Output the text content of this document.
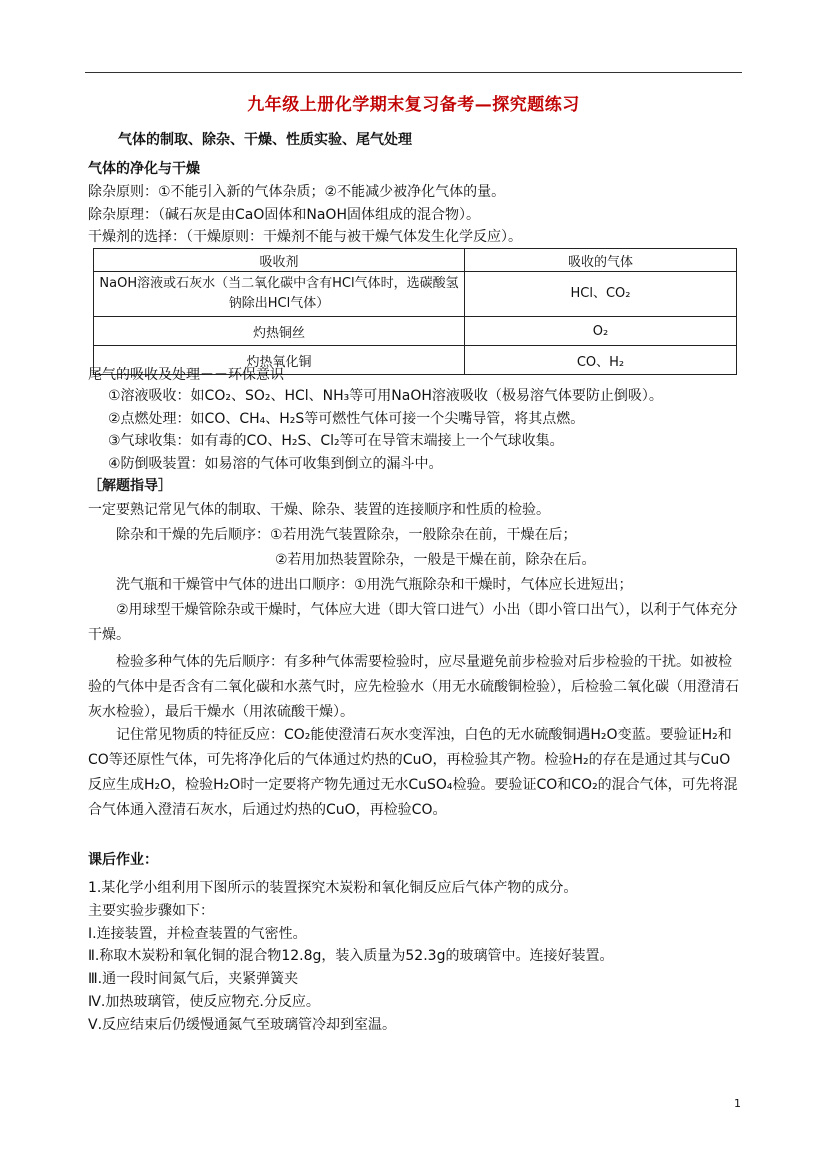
九年级上册化学期末复习备考—探究题练习
气体的制取、除杂、干燥、性质实验、尾气处理
气体的净化与干燥
除杂原则：①不能引入新的气体杂质；②不能减少被净化气体的量。
除杂原理：（碱石灰是由CaO固体和NaOH固体组成的混合物）。
干燥剂的选择：（干燥原则：干燥剂不能与被干燥气体发生化学反应）。
吸收剂	吸收的气体
NaOH溶液或石灰水（当二氧化碳中含有HCl气体时，选碳酸氢钠除出HCl气体）	HCl、CO₂
灼热铜丝	O₂
灼热氧化铜	CO、H₂
尾气的吸收及处理－－环保意识
①溶液吸收：如CO₂、SO₂、HCl、NH₃等可用NaOH溶液吸收（极易溶气体要防止倒吸）。
②点燃处理：如CO、CH₄、H₂S等可燃性气体可接一个尖嘴导管，将其点燃。
③气球收集：如有毒的CO、H₂S、Cl₂等可在导管末端接上一个气球收集。
④防倒吸装置：如易溶的气体可收集到倒立的漏斗中。
［解题指导］
一定要熟记常见气体的制取、干燥、除杂、装置的连接顺序和性质的检验。
除杂和干燥的先后顺序：①若用洗气装置除杂，一般除杂在前，干燥在后；
②若用加热装置除杂，一般是干燥在前，除杂在后。
洗气瓶和干燥管中气体的进出口顺序：①用洗气瓶除杂和干燥时，气体应长进短出；
②用球型干燥管除杂或干燥时，气体应大进（即大管口进气）小出（即小管口出气），以利于气体充分干燥。
检验多种气体的先后顺序：有多种气体需要检验时，应尽量避免前步检验对后步检验的干扰。如被检验的气体中是否含有二氧化碳和水蒸气时，应先检验水（用无水硫酸铜检验），后检验二氧化碳（用澄清石灰水检验），最后干燥水（用浓硫酸干燥）。
记住常见物质的特征反应：CO₂能使澄清石灰水变浑浊，白色的无水硫酸铜遇H₂O变蓝。要验证H₂和CO等还原性气体，可先将净化后的气体通过灼热的CuO，再检验其产物。检验H₂的存在是通过其与CuO反应生成H₂O，检验H₂O时一定要将产物先通过无水CuSO₄检验。要验证CO和CO₂的混合气体，可先将混合气体通入澄清石灰水，后通过灼热的CuO，再检验CO。
课后作业：
1.某化学小组利用下图所示的装置探究木炭粉和氧化铜反应后气体产物的成分。
主要实验步骤如下：
Ⅰ.连接装置，并检查装置的气密性。
Ⅱ.称取木炭粉和氧化铜的混合物12.8g，装入质量为52.3g的玻璃管中。连接好装置。
Ⅲ.通一段时间氮气后，夹紧弹簧夹
Ⅳ.加热玻璃管，使反应物充.分反应。
Ⅴ.反应结束后仍缓慢通氮气至玻璃管冷却到室温。
1
